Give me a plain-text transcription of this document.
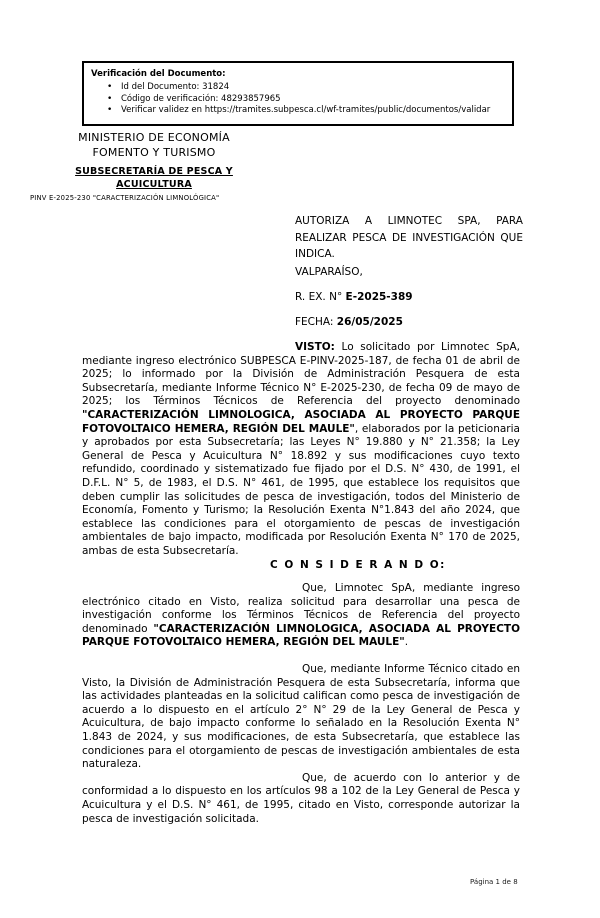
Verificación del Documento:
•
Id del Documento: 31824
•
Código de verificación: 48293857965
•
Verificar validez en https://tramites.subpesca.cl/wf-tramites/public/documentos/validar
MINISTERIO DE ECONOMÍA
FOMENTO Y TURISMO
SUBSECRETARÍA DE PESCA Y
ACUICULTURA
PINV E-2025-230 "CARACTERIZACIÓN LIMNOLÓGICA"
AUTORIZA A LIMNOTEC SPA, PARA REALIZAR PESCA DE INVESTIGACIÓN QUE INDICA.
VALPARAÍSO,
R. EX. N° E-2025-389
FECHA: 26/05/2025

VISTO: Lo solicitado por Limnotec SpA, mediante ingreso electrónico SUBPESCA E-PINV-2025-187, de fecha 01 de abril de 2025; lo informado por la División de Administración Pesquera de esta Subsecretaría, mediante Informe Técnico N° E-2025-230, de fecha 09 de mayo de 2025; los Términos Técnicos de Referencia del proyecto denominado "CARACTERIZACIÓN LIMNOLOGICA, ASOCIADA AL PROYECTO PARQUE FOTOVOLTAICO HEMERA, REGIÓN DEL MAULE", elaborados por la peticionaria y aprobados por esta Subsecretaría; las Leyes N° 19.880 y N° 21.358; la Ley General de Pesca y Acuicultura N° 18.892 y sus modificaciones cuyo texto refundido, coordinado y sistematizado fue fijado por el D.S. N° 430, de 1991, el D.F.L. N° 5, de 1983, el D.S. N° 461, de 1995, que establece los requisitos que deben cumplir las solicitudes de pesca de investigación, todos del Ministerio de Economía, Fomento y Turismo; la Resolución Exenta N°1.843 del año 2024, que establece las condiciones para el otorgamiento de pescas de investigación ambientales de bajo impacto, modificada por Resolución Exenta N° 170 de 2025, ambas de esta Subsecretaría.

C O N S I D E R A N D O:

Que, Limnotec SpA, mediante ingreso electrónico citado en Visto, realiza solicitud para desarrollar una pesca de investigación conforme los Términos Técnicos de Referencia del proyecto denominado "CARACTERIZACIÓN LIMNOLOGICA, ASOCIADA AL PROYECTO PARQUE FOTOVOLTAICO HEMERA, REGIÓN DEL MAULE".

Que, mediante Informe Técnico citado en Visto, la División de Administración Pesquera de esta Subsecretaría, informa que las actividades planteadas en la solicitud califican como pesca de investigación de acuerdo a lo dispuesto en el artículo 2° N° 29 de la Ley General de Pesca y Acuicultura, de bajo impacto conforme lo señalado en la Resolución Exenta N° 1.843 de 2024, y sus modificaciones, de esta Subsecretaría, que establece las condiciones para el otorgamiento de pescas de investigación ambientales de esta naturaleza.

Que, de acuerdo con lo anterior y de conformidad a lo dispuesto en los artículos 98 a 102 de la Ley General de Pesca y Acuicultura y el D.S. N° 461, de 1995, citado en Visto, corresponde autorizar la pesca de investigación solicitada.

Página 1 de 8
